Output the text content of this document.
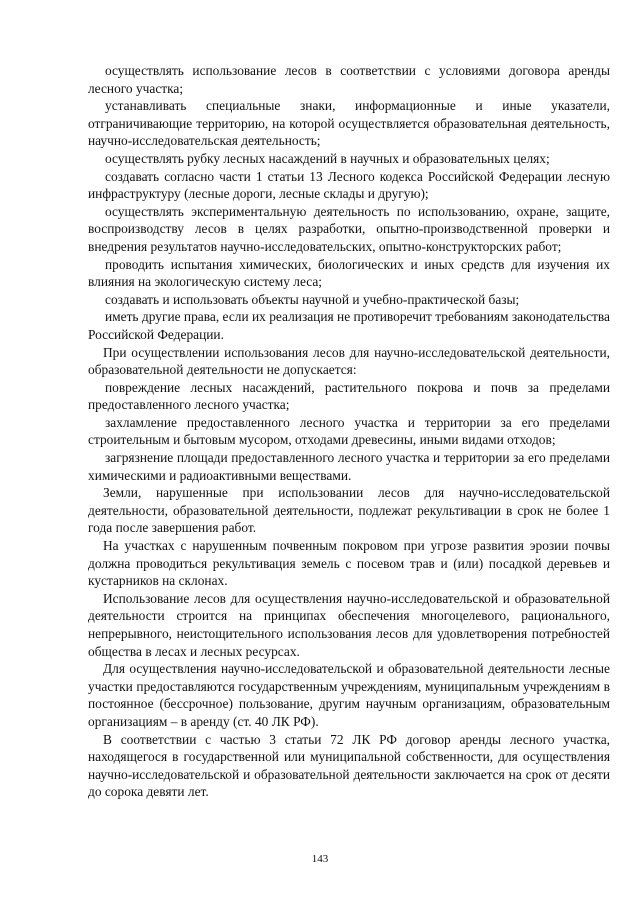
осуществлять использование лесов в соответствии с условиями договора аренды лесного участка;

устанавливать специальные знаки, информационные и иные указатели, отграничивающие территорию, на которой осуществляется образовательная деятельность, научно-исследовательская деятельность;

осуществлять рубку лесных насаждений в научных и образовательных целях;

создавать согласно части 1 статьи 13 Лесного кодекса Российской Федерации лесную инфраструктуру (лесные дороги, лесные склады и другую);

осуществлять экспериментальную деятельность по использованию, охране, защите, воспроизводству лесов в целях разработки, опытно-производственной проверки и внедрения результатов научно-исследовательских, опытно-конструкторских работ;

проводить испытания химических, биологических и иных средств для изучения их влияния на экологическую систему леса;

создавать и использовать объекты научной и учебно-практической базы;

иметь другие права, если их реализация не противоречит требованиям законодательства Российской Федерации.

При осуществлении использования лесов для научно-исследовательской деятельности, образовательной деятельности не допускается:

повреждение лесных насаждений, растительного покрова и почв за пределами предоставленного лесного участка;

захламление предоставленного лесного участка и территории за его пределами строительным и бытовым мусором, отходами древесины, иными видами отходов;

загрязнение площади предоставленного лесного участка и территории за его пределами химическими и радиоактивными веществами.

Земли, нарушенные при использовании лесов для научно-исследовательской деятельности, образовательной деятельности, подлежат рекультивации в срок не более 1 года после завершения работ.

На участках с нарушенным почвенным покровом при угрозе развития эрозии почвы должна проводиться рекультивация земель с посевом трав и (или) посадкой деревьев и кустарников на склонах.

Использование лесов для осуществления научно-исследовательской и образовательной деятельности строится на принципах обеспечения многоцелевого, рационального, непрерывного, неистощительного использования лесов для удовлетворения потребностей общества в лесах и лесных ресурсах.

Для осуществления научно-исследовательской и образовательной деятельности лесные участки предоставляются государственным учреждениям, муниципальным учреждениям в постоянное (бессрочное) пользование, другим научным организациям, образовательным организациям – в аренду (ст. 40 ЛК РФ).

В соответствии с частью 3 статьи 72 ЛК РФ договор аренды лесного участка, находящегося в государственной или муниципальной собственности, для осуществления научно-исследовательской и образовательной деятельности заключается на срок от десяти до сорока девяти лет.

143
